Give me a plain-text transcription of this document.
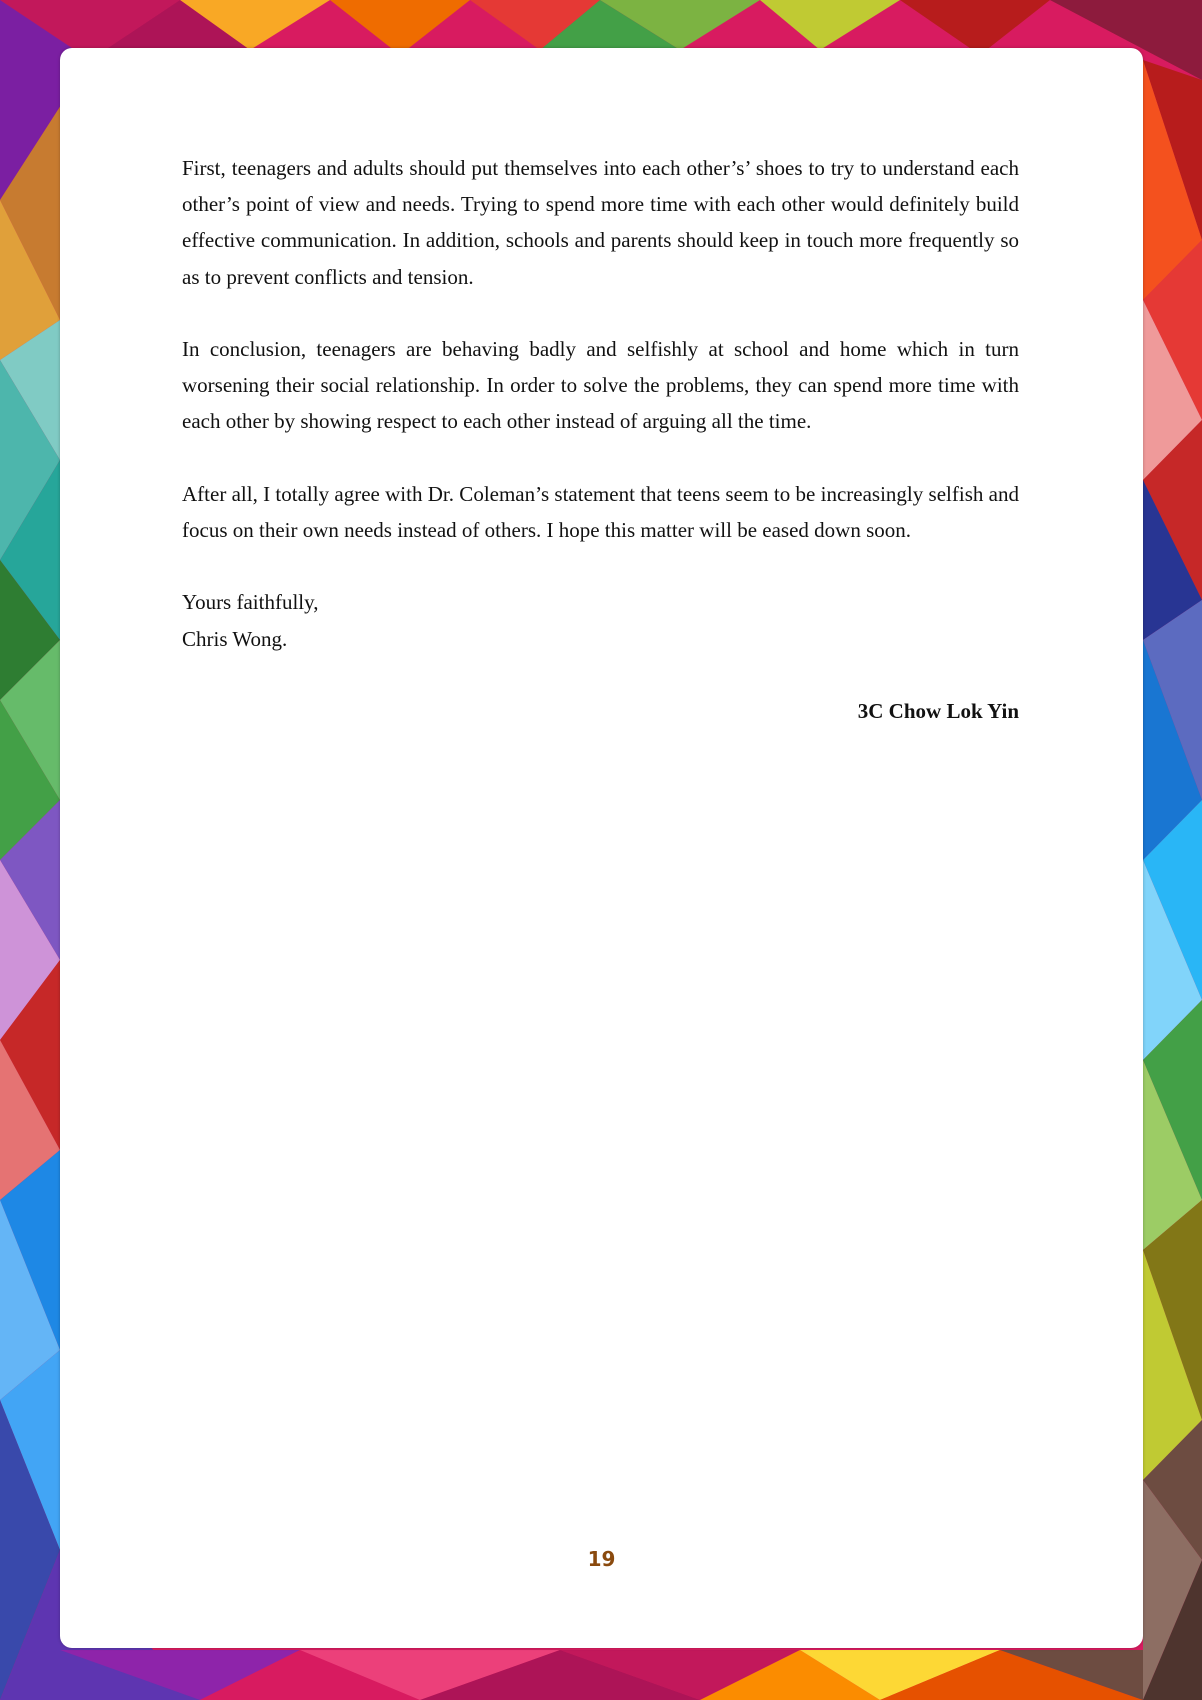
First, teenagers and adults should put themselves into each other’s’ shoes to try to understand each other’s point of view and needs. Trying to spend more time with each other would definitely build effective communication. In addition, schools and parents should keep in touch more frequently so as to prevent conflicts and tension.

In conclusion, teenagers are behaving badly and selfishly at school and home which in turn worsening their social relationship. In order to solve the problems, they can spend more time with each other by showing respect to each other instead of arguing all the time.

After all, I totally agree with Dr. Coleman’s statement that teens seem to be increasingly selfish and focus on their own needs instead of others. I hope this matter will be eased down soon.

Yours faithfully,
Chris Wong.
3C Chow Lok Yin
19
